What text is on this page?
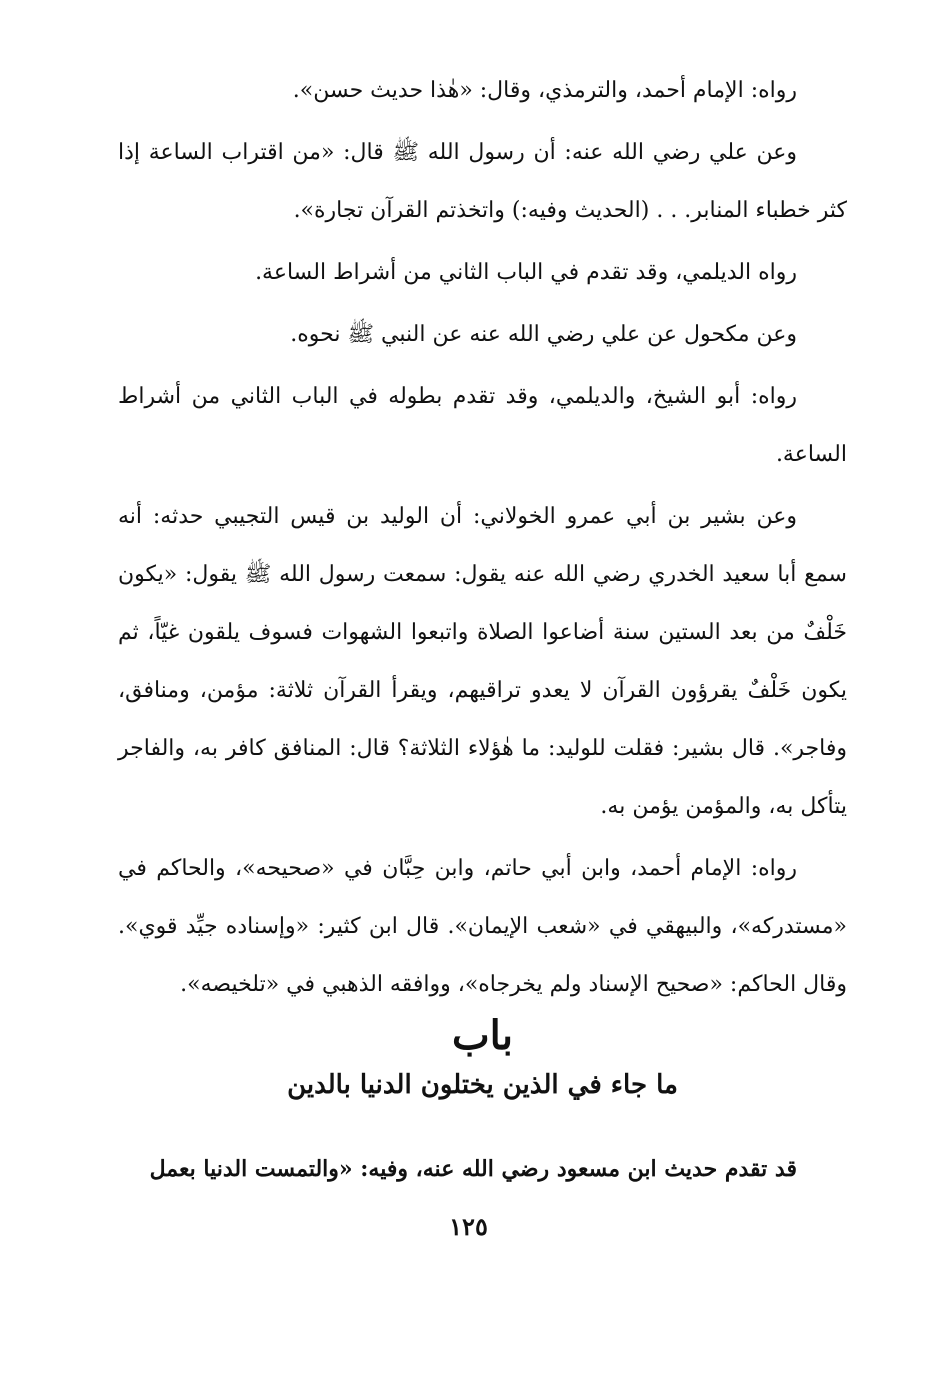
رواه: الإمام أحمد، والترمذي، وقال: «هٰذا حديث حسن».

وعن علي رضي الله عنه: أن رسول الله ﷺ قال: «من اقتراب الساعة إذا كثر خطباء المنابر. . . (الحديث وفيه:) واتخذتم القرآن تجارة».

رواه الديلمي، وقد تقدم في الباب الثاني من أشراط الساعة.

وعن مكحول عن علي رضي الله عنه عن النبي ﷺ نحوه.

رواه: أبو الشيخ، والديلمي، وقد تقدم بطوله في الباب الثاني من أشراط الساعة.

وعن بشير بن أبي عمرو الخولاني: أن الوليد بن قيس التجيبي حدثه: أنه سمع أبا سعيد الخدري رضي الله عنه يقول: سمعت رسول الله ﷺ يقول: «يكون خَلْفٌ من بعد الستين سنة أضاعوا الصلاة واتبعوا الشهوات فسوف يلقون غيّاً، ثم يكون خَلْفٌ يقرؤون القرآن لا يعدو تراقيهم، ويقرأ القرآن ثلاثة: مؤمن، ومنافق، وفاجر». قال بشير: فقلت للوليد: ما هٰؤلاء الثلاثة؟ قال: المنافق كافر به، والفاجر يتأكل به، والمؤمن يؤمن به.

رواه: الإمام أحمد، وابن أبي حاتم، وابن حِبَّان في «صحيحه»، والحاكم في «مستدركه»، والبيهقي في «شعب الإيمان». قال ابن كثير: «وإسناده جيِّد قوي». وقال الحاكم: «صحيح الإسناد ولم يخرجاه»، ووافقه الذهبي في «تلخيصه».

باب
ما جاء في الذين يختلون الدنيا بالدين

قد تقدم حديث ابن مسعود رضي الله عنه، وفيه: «والتمست الدنيا بعمل

١٢٥
